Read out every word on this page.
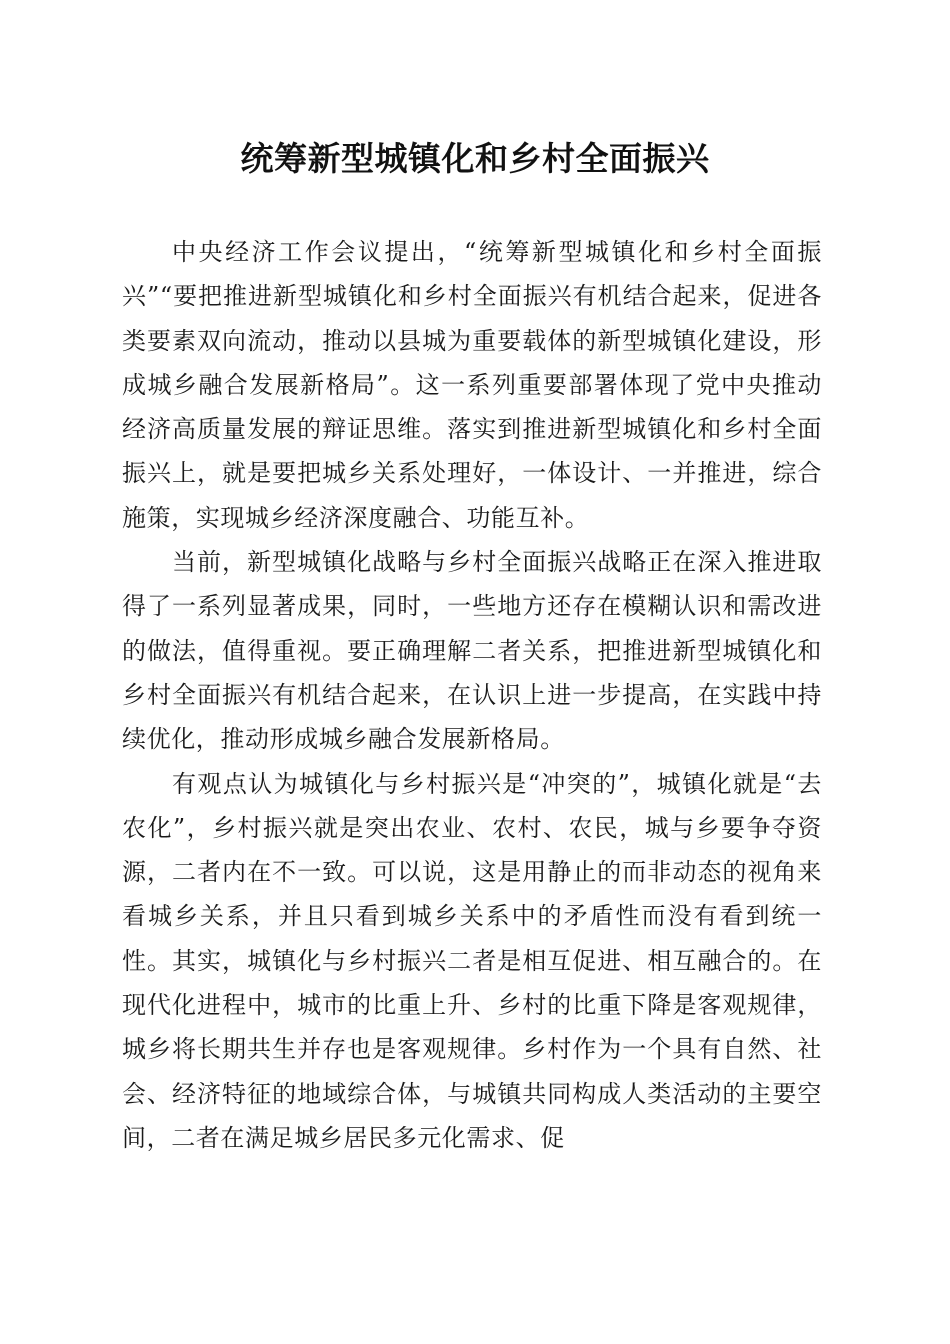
统筹新型城镇化和乡村全面振兴

中央经济工作会议提出，“统筹新型城镇化和乡村全面振兴”“要把推进新型城镇化和乡村全面振兴有机结合起来，促进各类要素双向流动，推动以县城为重要载体的新型城镇化建设，形成城乡融合发展新格局”。这一系列重要部署体现了党中央推动经济高质量发展的辩证思维。落实到推进新型城镇化和乡村全面振兴上，就是要把城乡关系处理好，一体设计、一并推进，综合施策，实现城乡经济深度融合、功能互补。

当前，新型城镇化战略与乡村全面振兴战略正在深入推进取得了一系列显著成果，同时，一些地方还存在模糊认识和需改进的做法，值得重视。要正确理解二者关系，把推进新型城镇化和乡村全面振兴有机结合起来，在认识上进一步提高，在实践中持续优化，推动形成城乡融合发展新格局。

有观点认为城镇化与乡村振兴是“冲突的”，城镇化就是“去农化”，乡村振兴就是突出农业、农村、农民，城与乡要争夺资源，二者内在不一致。可以说，这是用静止的而非动态的视角来看城乡关系，并且只看到城乡关系中的矛盾性而没有看到统一性。其实，城镇化与乡村振兴二者是相互促进、相互融合的。在现代化进程中，城市的比重上升、乡村的比重下降是客观规律，城乡将长期共生并存也是客观规律。乡村作为一个具有自然、社会、经济特征的地域综合体，与城镇共同构成人类活动的主要空间，二者在满足城乡居民多元化需求、促
